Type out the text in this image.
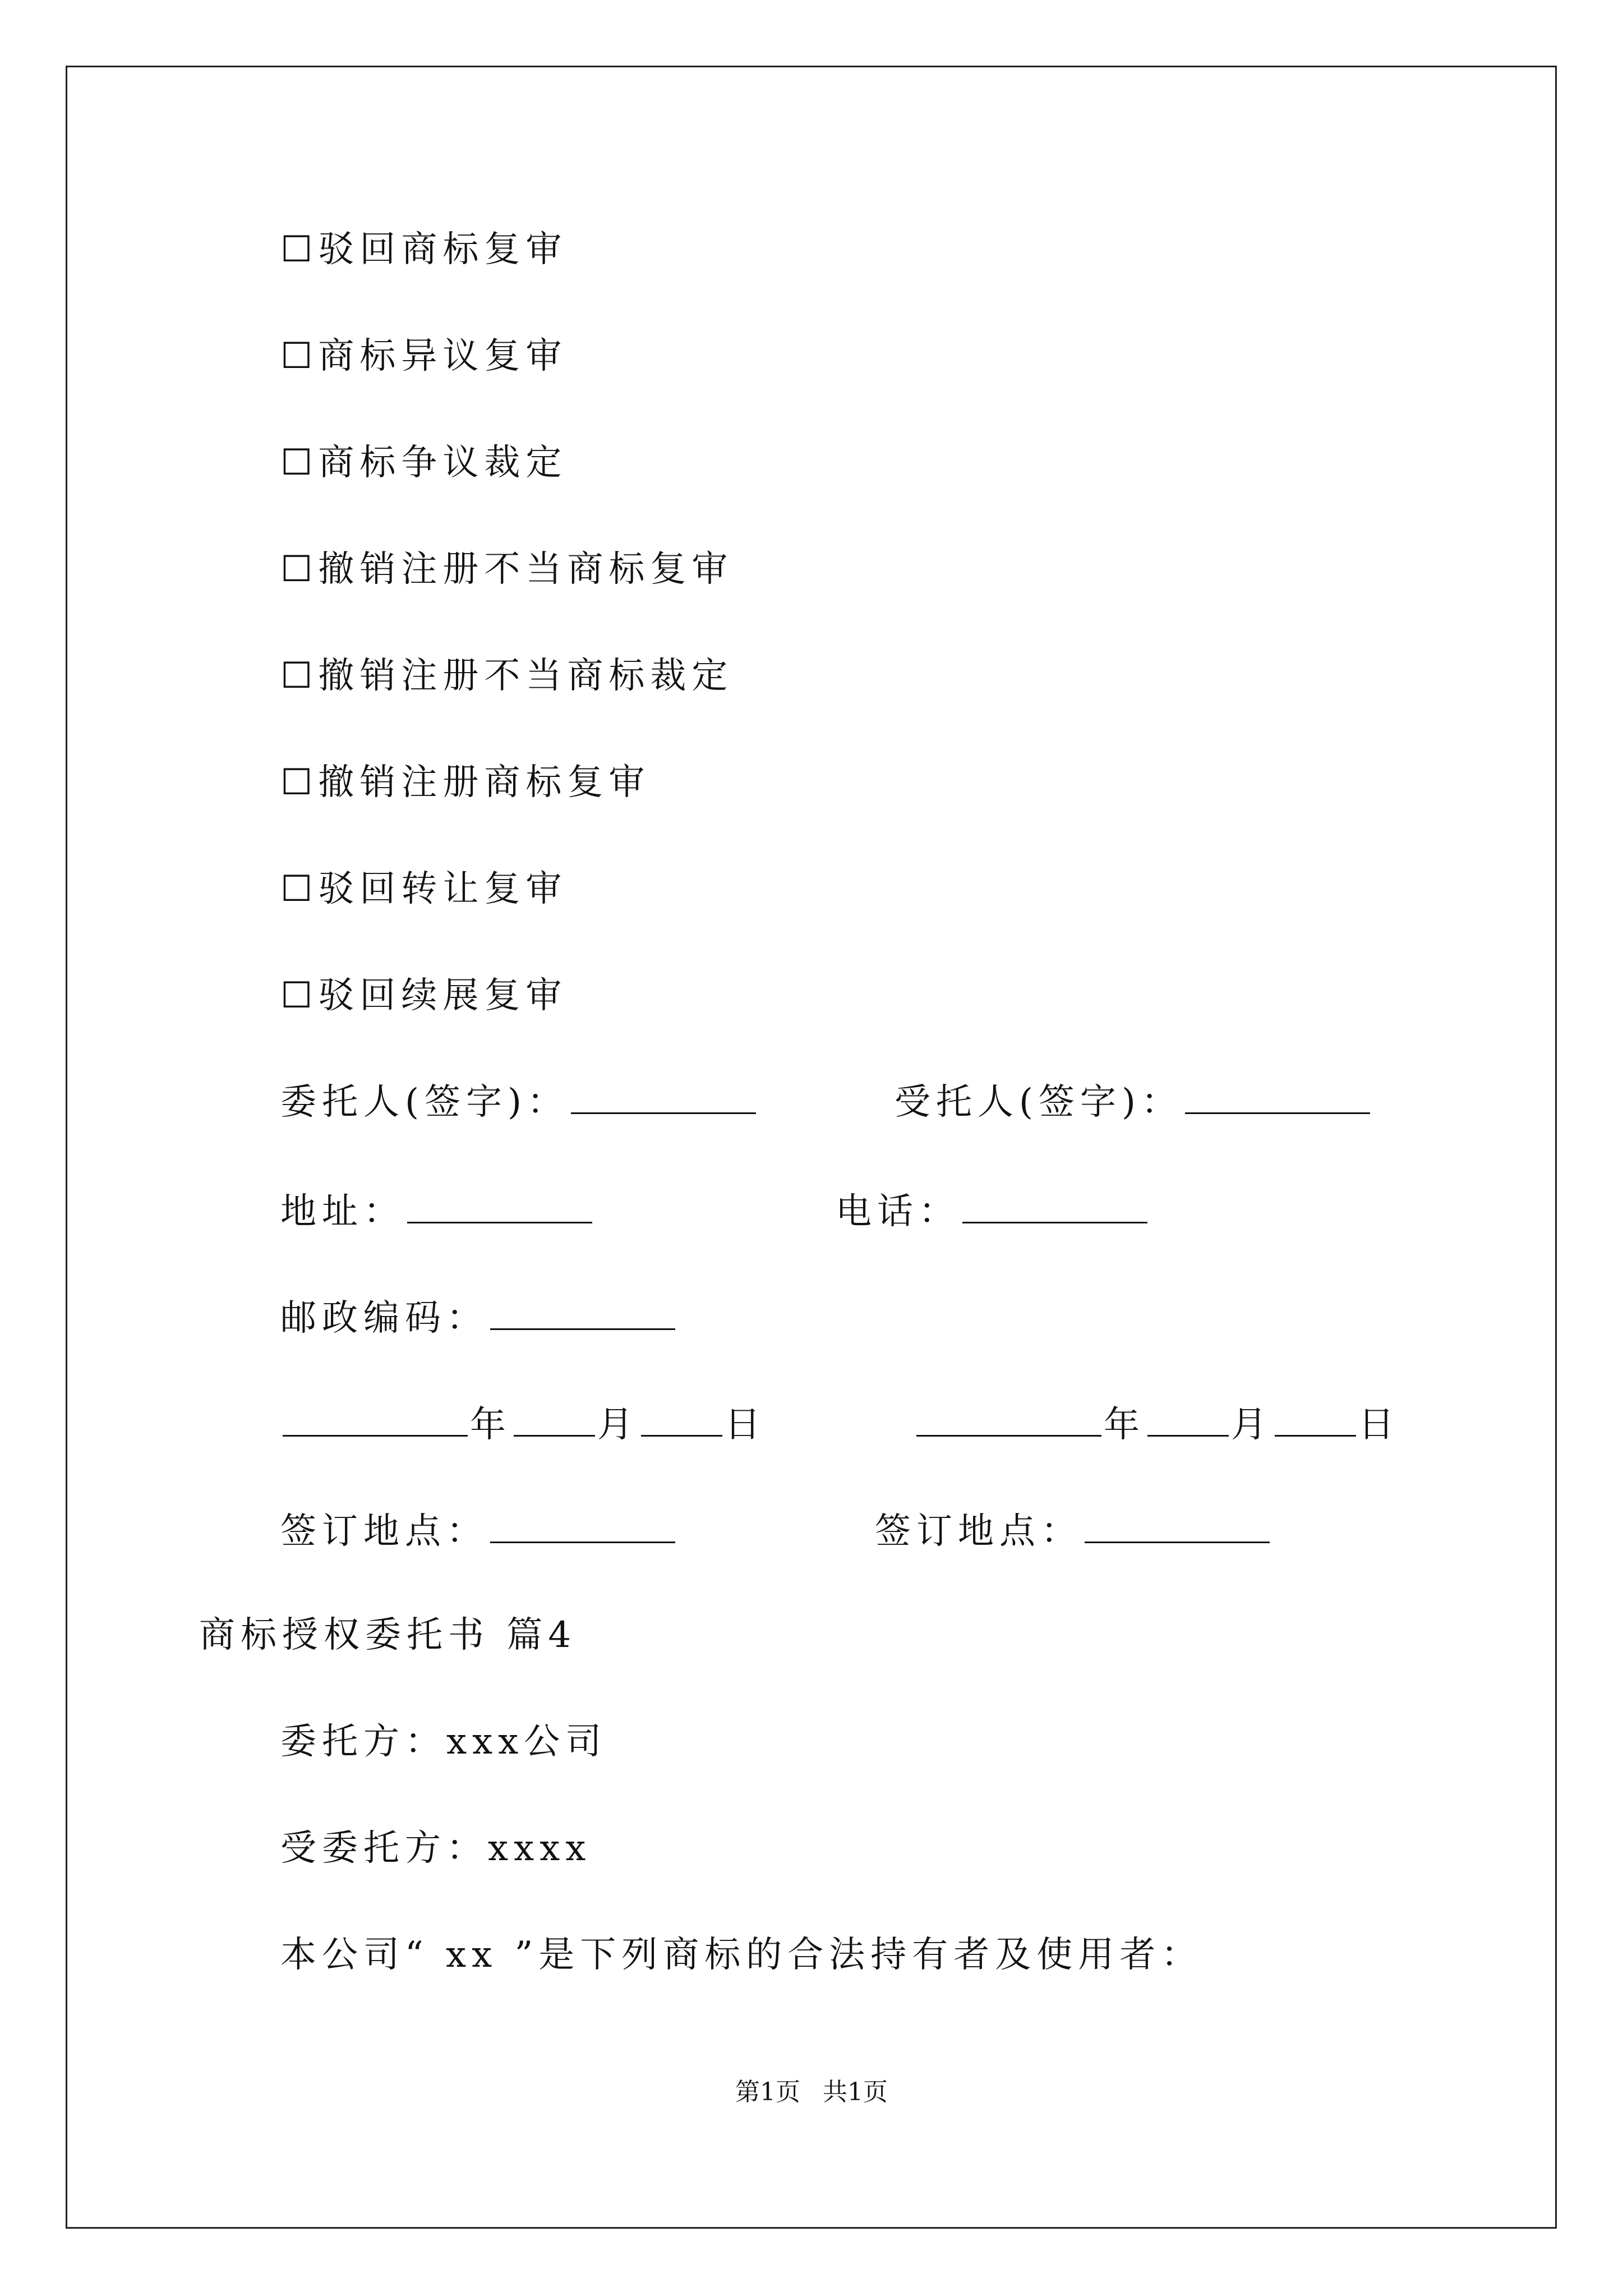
☐驳回商标复审
☐商标异议复审
☐商标争议裁定
☐撤销注册不当商标复审
☐撤销注册不当商标裁定
☐撤销注册商标复审
☐驳回转让复审
☐驳回续展复审
委托人(签字)：	受托人(签字)：
地址：	电话：
邮政编码：
年 月 日	年 月 日
签订地点：	签订地点：
商标授权委托书 篇4
委托方：xxx公司
受委托方：xxxx
本公司“ xx ”是下列商标的合法持有者及使用者：
第1页 共1页
